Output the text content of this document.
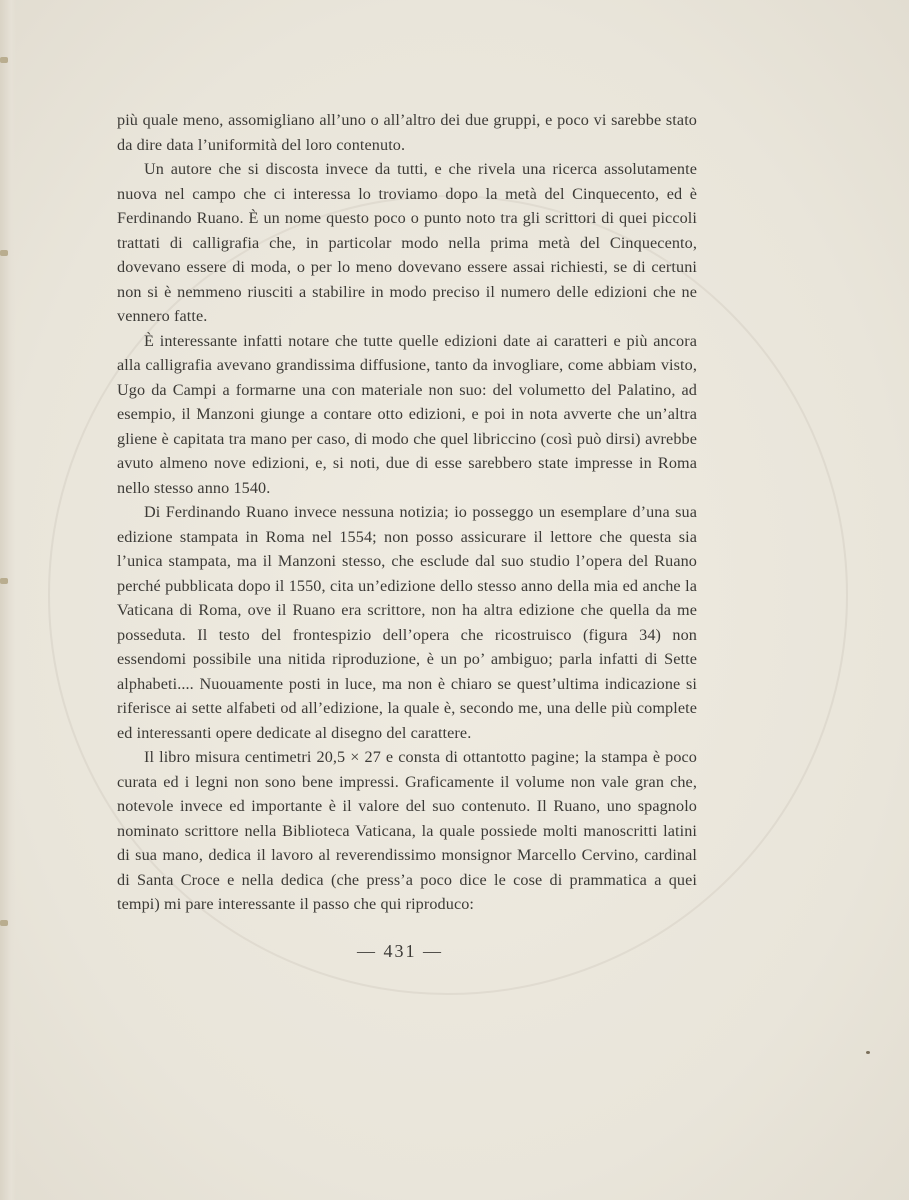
più quale meno, assomigliano all’uno o all’altro dei due gruppi, e poco vi sarebbe stato da dire data l’uniformità del loro contenuto.

Un autore che si discosta invece da tutti, e che rivela una ricerca assolutamente nuova nel campo che ci interessa lo troviamo dopo la metà del Cinquecento, ed è Ferdinando Ruano. È un nome questo poco o punto noto tra gli scrittori di quei piccoli trattati di calligrafia che, in particolar modo nella prima metà del Cinquecento, dovevano essere di moda, o per lo meno dovevano essere assai richiesti, se di certuni non si è nemmeno riusciti a stabilire in modo preciso il numero delle edizioni che ne vennero fatte.

È interessante infatti notare che tutte quelle edizioni date ai caratteri e più ancora alla calligrafia avevano grandissima diffusione, tanto da invogliare, come abbiam visto, Ugo da Campi a formarne una con materiale non suo: del volumetto del Palatino, ad esempio, il Manzoni giunge a contare otto edizioni, e poi in nota avverte che un’altra gliene è capitata tra mano per caso, di modo che quel libriccino (così può dirsi) avrebbe avuto almeno nove edizioni, e, si noti, due di esse sarebbero state impresse in Roma nello stesso anno 1540.

Di Ferdinando Ruano invece nessuna notizia; io posseggo un esemplare d’una sua edizione stampata in Roma nel 1554; non posso assicurare il lettore che questa sia l’unica stampata, ma il Manzoni stesso, che esclude dal suo studio l’opera del Ruano perché pubblicata dopo il 1550, cita un’edizione dello stesso anno della mia ed anche la Vaticana di Roma, ove il Ruano era scrittore, non ha altra edizione che quella da me posseduta. Il testo del frontespizio dell’opera che ricostruisco (figura 34) non essendomi possibile una nitida riproduzione, è un po’ ambiguo; parla infatti di Sette alphabeti.... Nuouamente posti in luce, ma non è chiaro se quest’ultima indicazione si riferisce ai sette alfabeti od all’edizione, la quale è, secondo me, una delle più complete ed interessanti opere dedicate al disegno del carattere.

Il libro misura centimetri 20,5 × 27 e consta di ottantotto pagine; la stampa è poco curata ed i legni non sono bene impressi. Graficamente il volume non vale gran che, notevole invece ed importante è il valore del suo contenuto. Il Ruano, uno spagnolo nominato scrittore nella Biblioteca Vaticana, la quale possiede molti manoscritti latini di sua mano, dedica il lavoro al reverendissimo monsignor Marcello Cervino, cardinal di Santa Croce e nella dedica (che press’a poco dice le cose di prammatica a quei tempi) mi pare interessante il passo che qui riproduco:

— 431 —
